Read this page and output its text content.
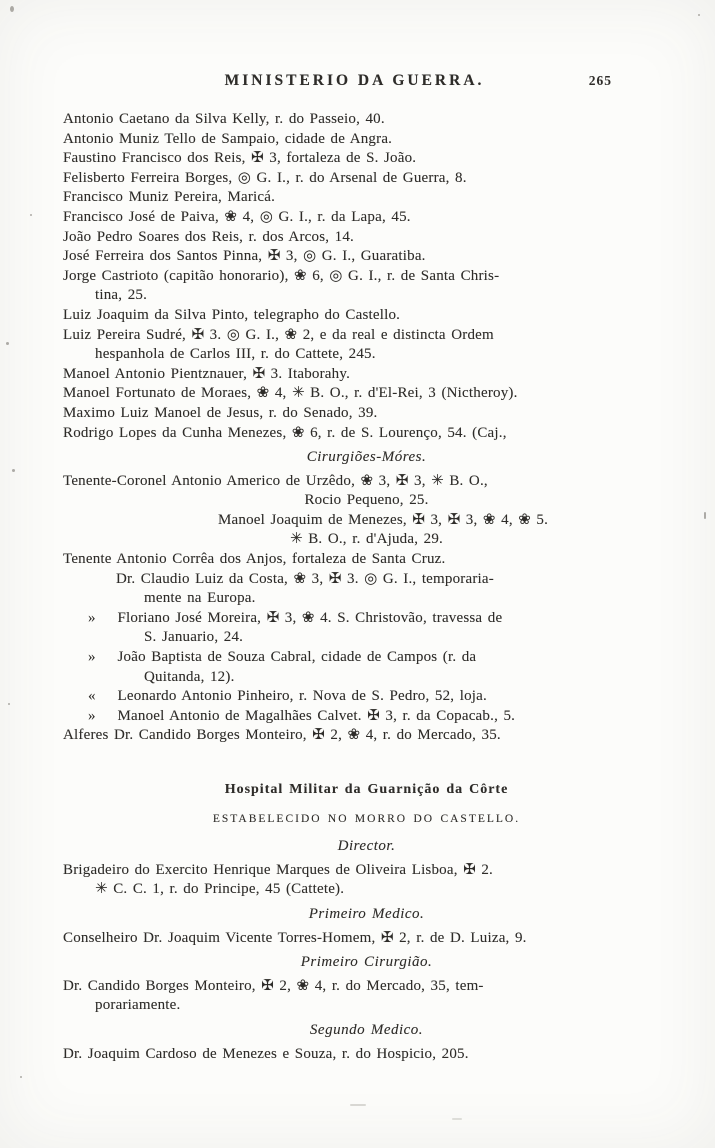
MINISTERIO DA GUERRA.	265
Antonio Caetano da Silva Kelly, r. do Passeio, 40.
Antonio Muniz Tello de Sampaio, cidade de Angra.
Faustino Francisco dos Reis, ✠ 3, fortaleza de S. João.
Felisberto Ferreira Borges, ◎ G. I., r. do Arsenal de Guerra, 8.
Francisco Muniz Pereira, Maricá.
Francisco José de Paiva, ❀ 4, ◎ G. I., r. da Lapa, 45.
João Pedro Soares dos Reis, r. dos Arcos, 14.
José Ferreira dos Santos Pinna, ✠ 3, ◎ G. I., Guaratiba.
Jorge Castrioto (capitão honorario), ❀ 6, ◎ G. I., r. de Santa Chris-
tina, 25.
Luiz Joaquim da Silva Pinto, telegrapho do Castello.
Luiz Pereira Sudré, ✠ 3. ◎ G. I., ❀ 2, e da real e distincta Ordem
hespanhola de Carlos III, r. do Cattete, 245.
Manoel Antonio Pientznauer, ✠ 3. Itaborahy.
Manoel Fortunato de Moraes, ❀ 4, ✳ B. O., r. d'El-Rei, 3 (Nictheroy).
Maximo Luiz Manoel de Jesus, r. do Senado, 39.
Rodrigo Lopes da Cunha Menezes, ❀ 6, r. de S. Lourenço, 54. (Caj.,
Cirurgiões-Móres.
Tenente-Coronel Antonio Americo de Urzêdo, ❀ 3, ✠ 3, ✳ B. O.,
Rocio Pequeno, 25.
Manoel Joaquim de Menezes, ✠ 3, ✠ 3, ❀ 4, ❀ 5.
✳ B. O., r. d'Ajuda, 29.
Tenente Antonio Corrêa dos Anjos, fortaleza de Santa Cruz.
Dr. Claudio Luiz da Costa, ❀ 3, ✠ 3. ◎ G. I., temporaria-
mente na Europa.
»    Floriano José Moreira, ✠ 3, ❀ 4. S. Christovão, travessa de
S. Januario, 24.
»    João Baptista de Souza Cabral, cidade de Campos (r. da
Quitanda, 12).
«    Leonardo Antonio Pinheiro, r. Nova de S. Pedro, 52, loja.
»    Manoel Antonio de Magalhães Calvet. ✠ 3, r. da Copacab., 5.
Alferes Dr. Candido Borges Monteiro, ✠ 2, ❀ 4, r. do Mercado, 35.
Hospital Militar da Guarnição da Côrte
ESTABELECIDO NO MORRO DO CASTELLO.
Director.
Brigadeiro do Exercito Henrique Marques de Oliveira Lisboa, ✠ 2.
✳ C. C. 1, r. do Principe, 45 (Cattete).
Primeiro Medico.
Conselheiro Dr. Joaquim Vicente Torres-Homem, ✠ 2, r. de D. Luiza, 9.
Primeiro Cirurgião.
Dr. Candido Borges Monteiro, ✠ 2, ❀ 4, r. do Mercado, 35, tem-
porariamente.
Segundo Medico.
Dr. Joaquim Cardoso de Menezes e Souza, r. do Hospicio, 205.
